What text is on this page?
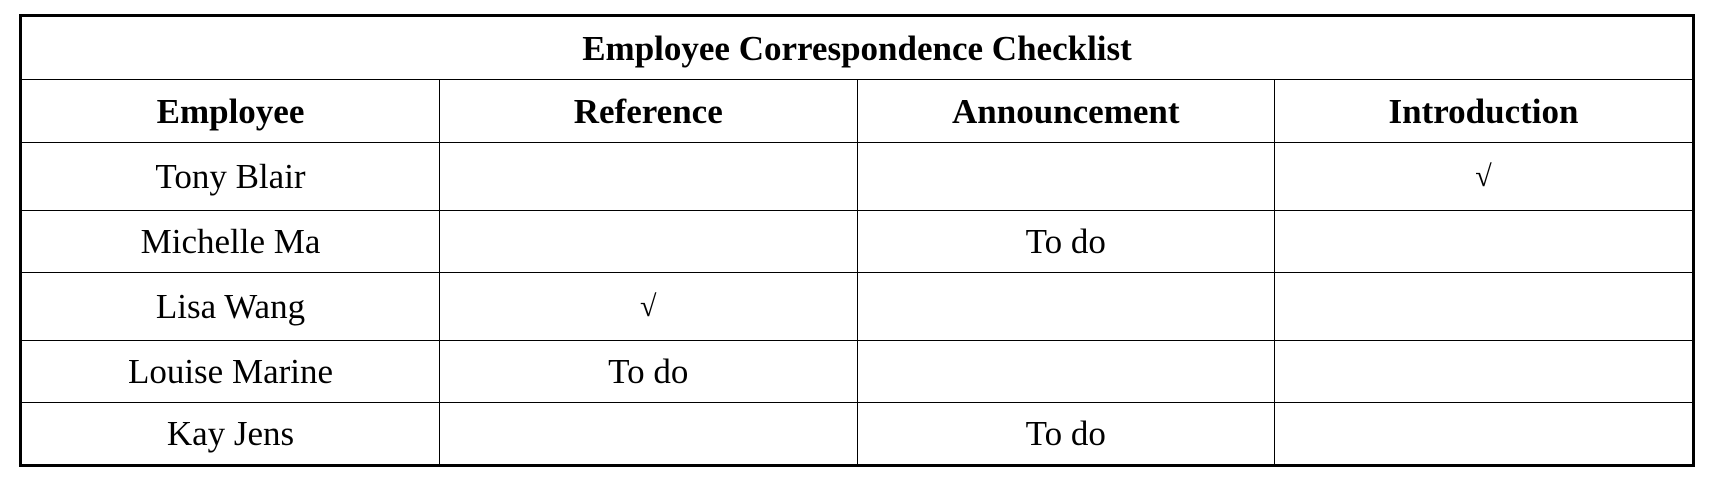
Employee Correspondence Checklist			
Employee	Reference	Announcement	Introduction
Tony Blair			√
Michelle Ma		To do	
Lisa Wang	√		
Louise Marine	To do		
Kay Jens		To do	
